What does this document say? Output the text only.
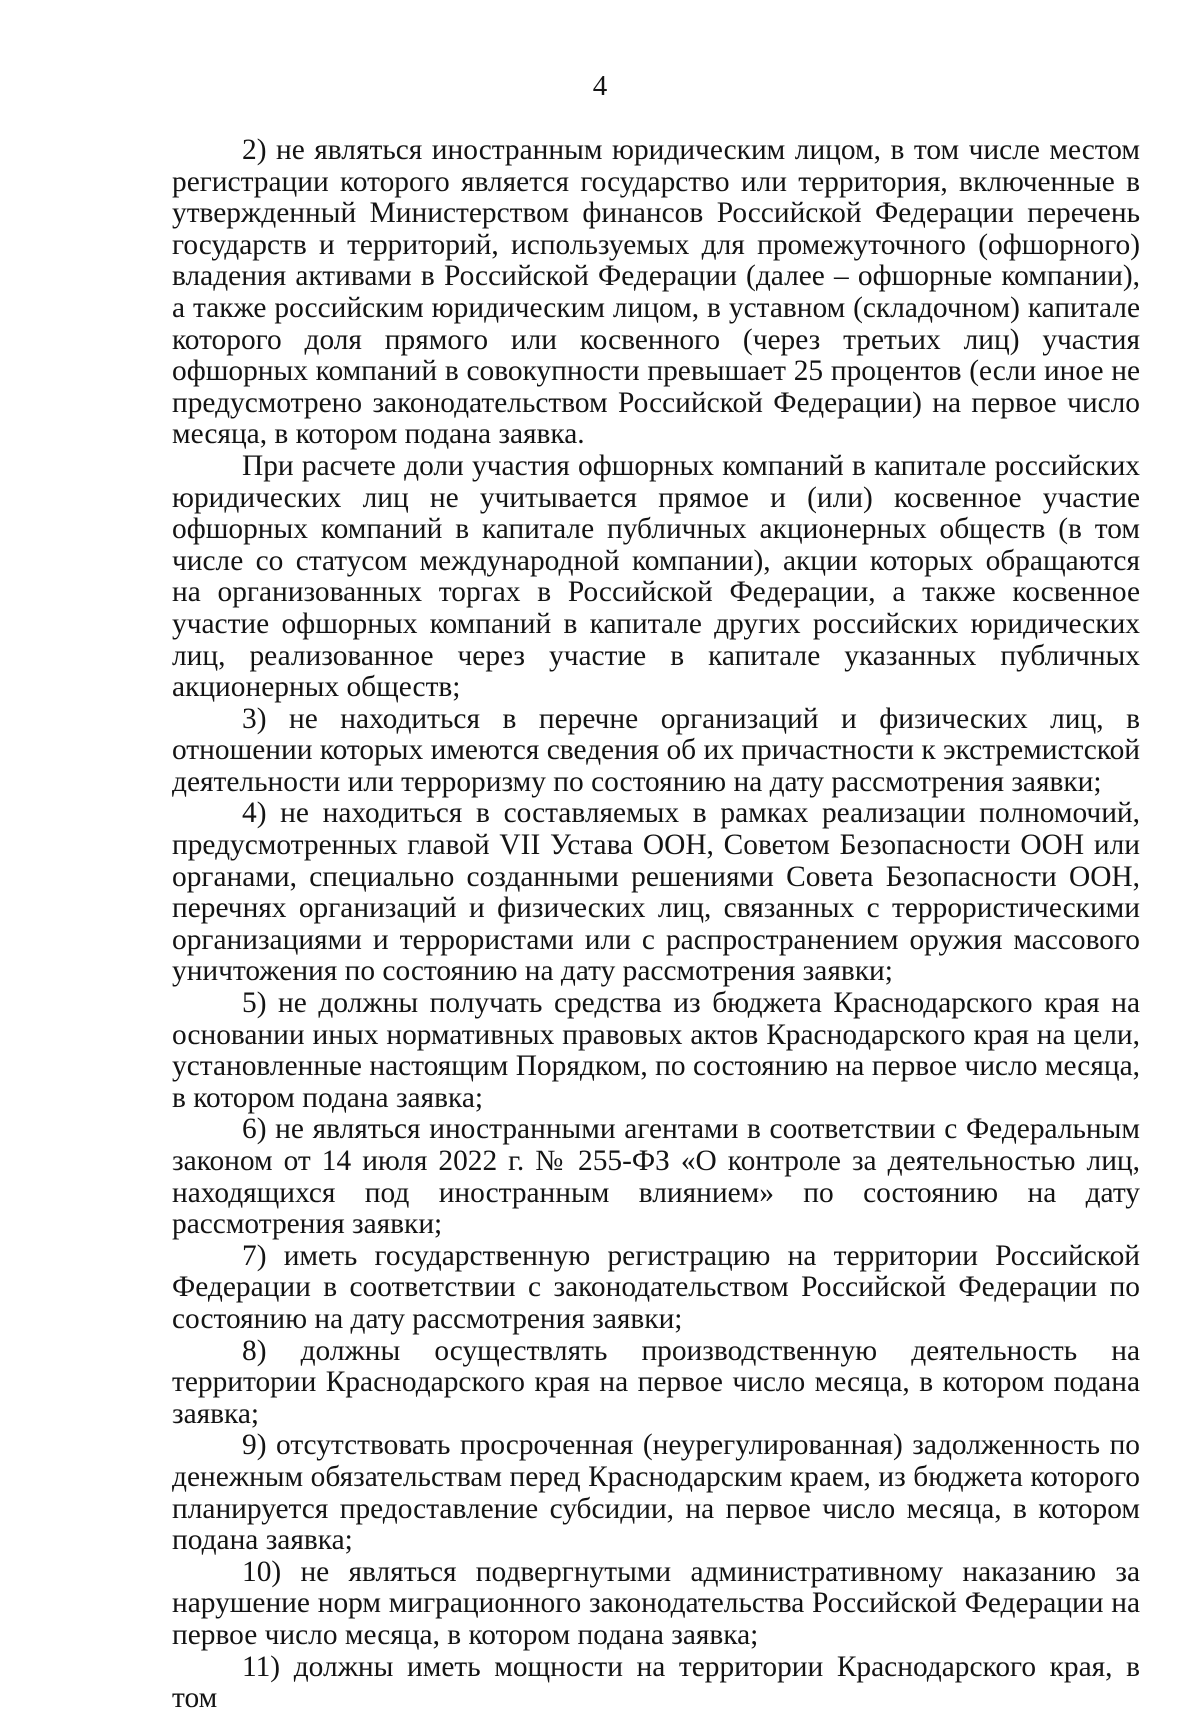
4

2) не являться иностранным юридическим лицом, в том числе местом регистрации которого является государство или территория, включенные в утвержденный Министерством финансов Российской Федерации перечень государств и территорий, используемых для промежуточного (офшорного) владения активами в Российской Федерации (далее – офшорные компании), а также российским юридическим лицом, в уставном (складочном) капитале которого доля прямого или косвенного (через третьих лиц) участия офшорных компаний в совокупности превышает 25 процентов (если иное не предусмотрено законодательством Российской Федерации) на первое число месяца, в котором подана заявка.

При расчете доли участия офшорных компаний в капитале российских юридических лиц не учитывается прямое и (или) косвенное участие офшорных компаний в капитале публичных акционерных обществ (в том числе со статусом международной компании), акции которых обращаются на организованных торгах в Российской Федерации, а также косвенное участие офшорных компаний в капитале других российских юридических лиц, реализованное через участие в капитале указанных публичных акционерных обществ;

3) не находиться в перечне организаций и физических лиц, в отношении которых имеются сведения об их причастности к экстремистской деятельности или терроризму по состоянию на дату рассмотрения заявки;

4) не находиться в составляемых в рамках реализации полномочий, предусмотренных главой VII Устава ООН, Советом Безопасности ООН или органами, специально созданными решениями Совета Безопасности ООН, перечнях организаций и физических лиц, связанных с террористическими организациями и террористами или с распространением оружия массового уничтожения по состоянию на дату рассмотрения заявки;

5) не должны получать средства из бюджета Краснодарского края на основании иных нормативных правовых актов Краснодарского края на цели, установленные настоящим Порядком, по состоянию на первое число месяца, в котором подана заявка;

6) не являться иностранными агентами в соответствии с Федеральным законом от 14 июля 2022 г. № 255-ФЗ «О контроле за деятельностью лиц, находящихся под иностранным влиянием» по состоянию на дату рассмотрения заявки;

7) иметь государственную регистрацию на территории Российской Федерации в соответствии с законодательством Российской Федерации по состоянию на дату рассмотрения заявки;

8) должны осуществлять производственную деятельность на территории Краснодарского края на первое число месяца, в котором подана заявка;

9) отсутствовать просроченная (неурегулированная) задолженность по денежным обязательствам перед Краснодарским краем, из бюджета которого планируется предоставление субсидии, на первое число месяца, в котором подана заявка;

10) не являться подвергнутыми административному наказанию за нарушение норм миграционного законодательства Российской Федерации на первое число месяца, в котором подана заявка;

11) должны иметь мощности на территории Краснодарского края, в том
